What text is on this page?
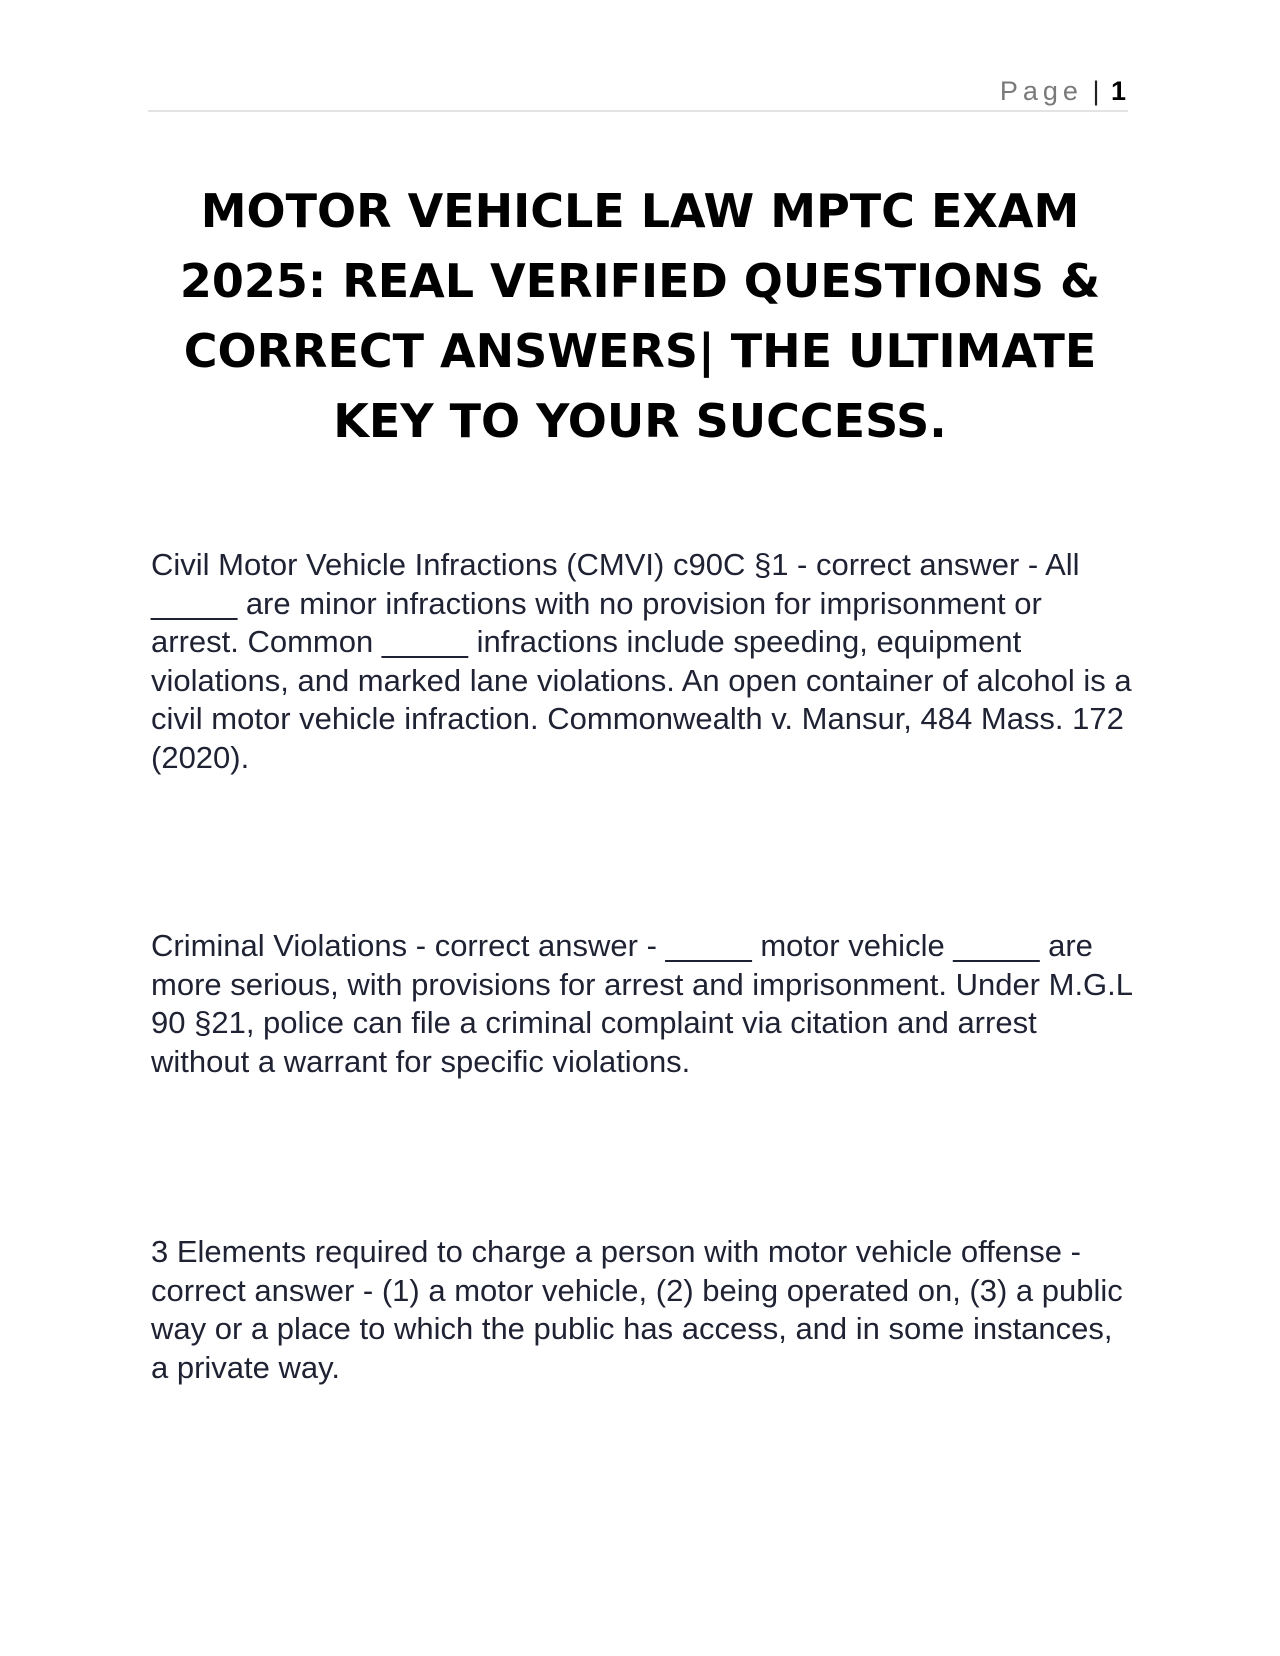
Page | 1
MOTOR VEHICLE LAW MPTC EXAM 2025: REAL VERIFIED QUESTIONS & CORRECT ANSWERS| THE ULTIMATE KEY TO YOUR SUCCESS.

Civil Motor Vehicle Infractions (CMVI) c90C §1 - correct answer - All _____ are minor infractions with no provision for imprisonment or arrest. Common _____ infractions include speeding, equipment violations, and marked lane violations. An open container of alcohol is a civil motor vehicle infraction. Commonwealth v. Mansur, 484 Mass. 172 (2020).

Criminal Violations - correct answer - _____ motor vehicle _____ are more serious, with provisions for arrest and imprisonment. Under M.G.L 90 §21, police can file a criminal complaint via citation and arrest without a warrant for specific violations.

3 Elements required to charge a person with motor vehicle offense - correct answer - (1) a motor vehicle, (2) being operated on, (3) a public way or a place to which the public has access, and in some instances, a private way.
